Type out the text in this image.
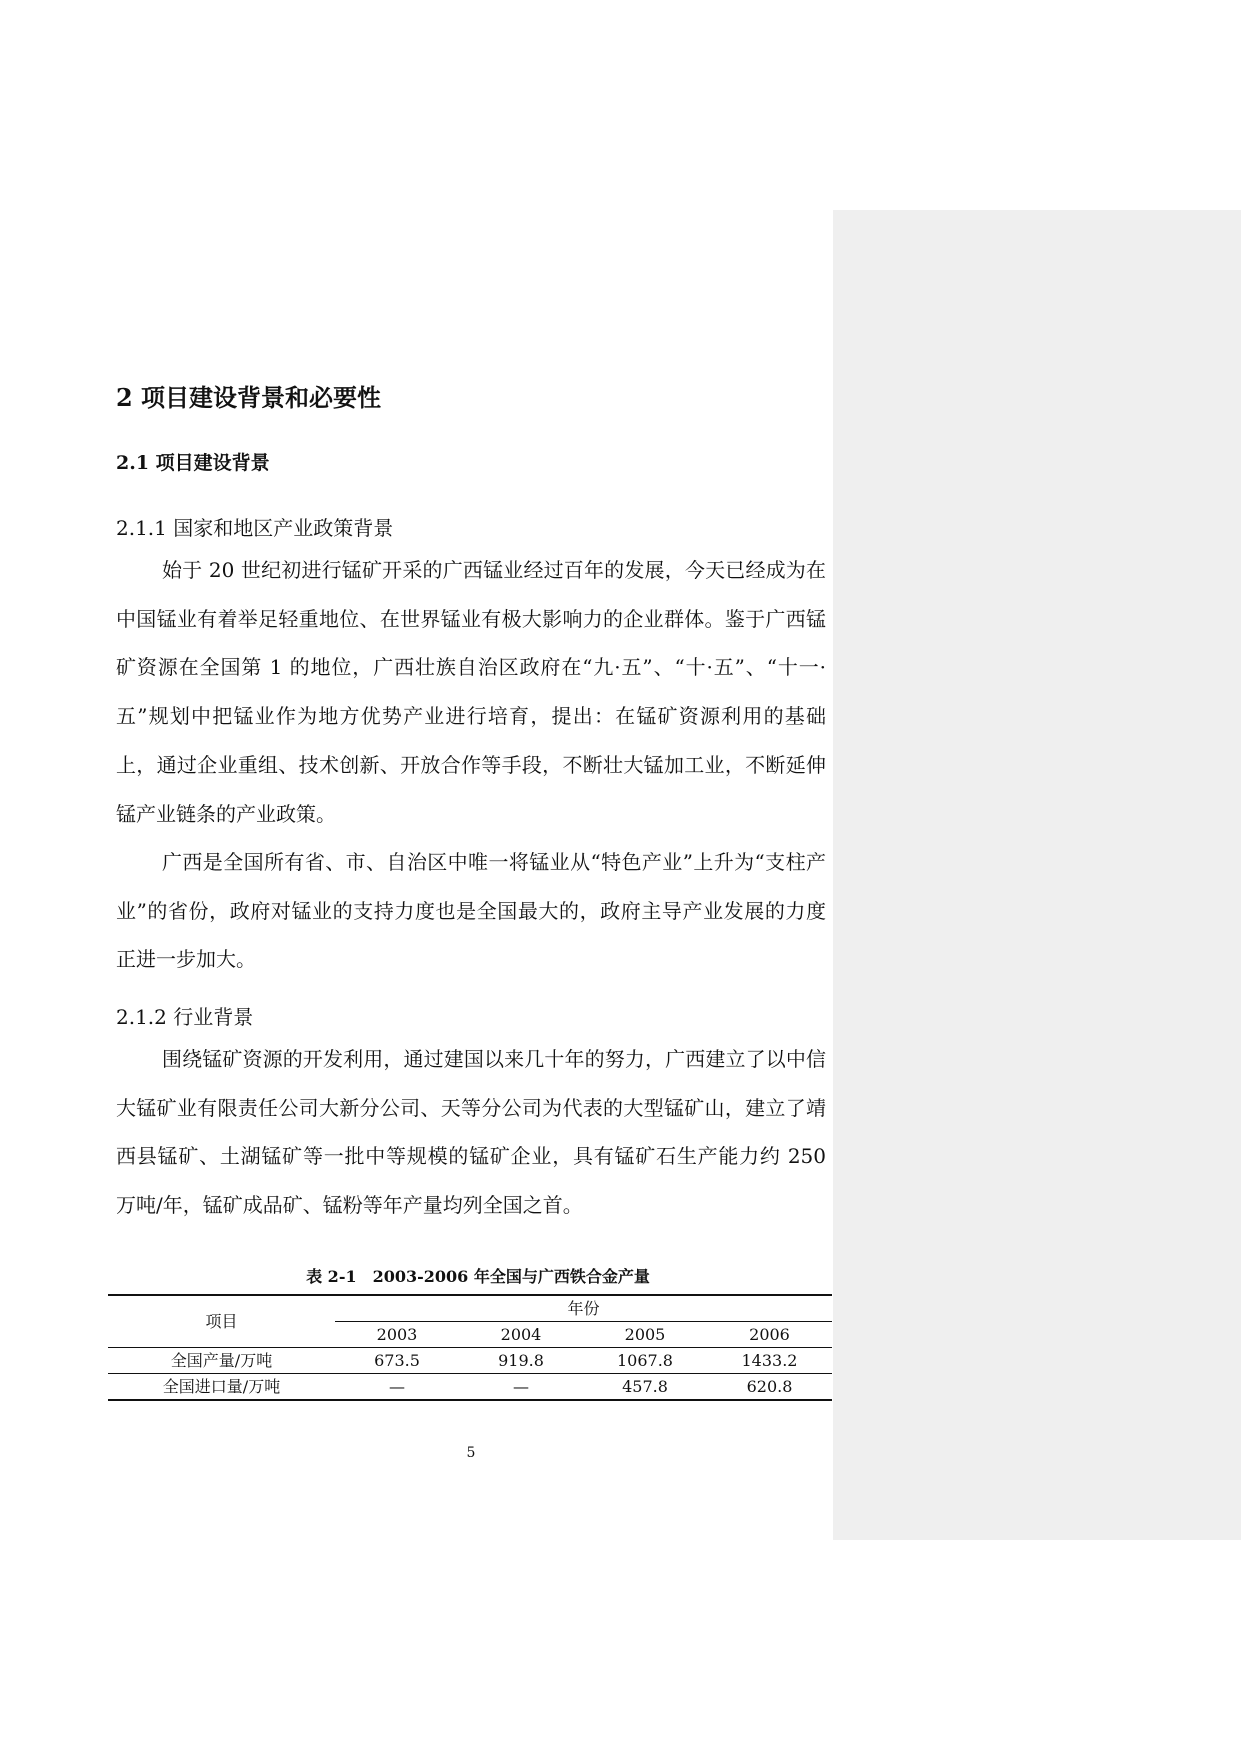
2 项目建设背景和必要性
2.1 项目建设背景
2.1.1 国家和地区产业政策背景

始于 20 世纪初进行锰矿开采的广西锰业经过百年的发展，今天已经成为在中国锰业有着举足轻重地位、在世界锰业有极大影响力的企业群体。鉴于广西锰矿资源在全国第 1 的地位，广西壮族自治区政府在“九·五”、“十·五”、“十一·五”规划中把锰业作为地方优势产业进行培育，提出：在锰矿资源利用的基础上，通过企业重组、技术创新、开放合作等手段，不断壮大锰加工业，不断延伸锰产业链条的产业政策。

广西是全国所有省、市、自治区中唯一将锰业从“特色产业”上升为“支柱产业”的省份，政府对锰业的支持力度也是全国最大的，政府主导产业发展的力度正进一步加大。

2.1.2 行业背景

围绕锰矿资源的开发利用，通过建国以来几十年的努力，广西建立了以中信大锰矿业有限责任公司大新分公司、天等分公司为代表的大型锰矿山，建立了靖西县锰矿、土湖锰矿等一批中等规模的锰矿企业，具有锰矿石生产能力约 250 万吨/年，锰矿成品矿、锰粉等年产量均列全国之首。

表 2-1　2003-2006 年全国与广西铁合金产量
项目	年份			
	2003	2004	2005	2006
全国产量/万吨	673.5	919.8	1067.8	1433.2
全国进口量/万吨	—	—	457.8	620.8
5
